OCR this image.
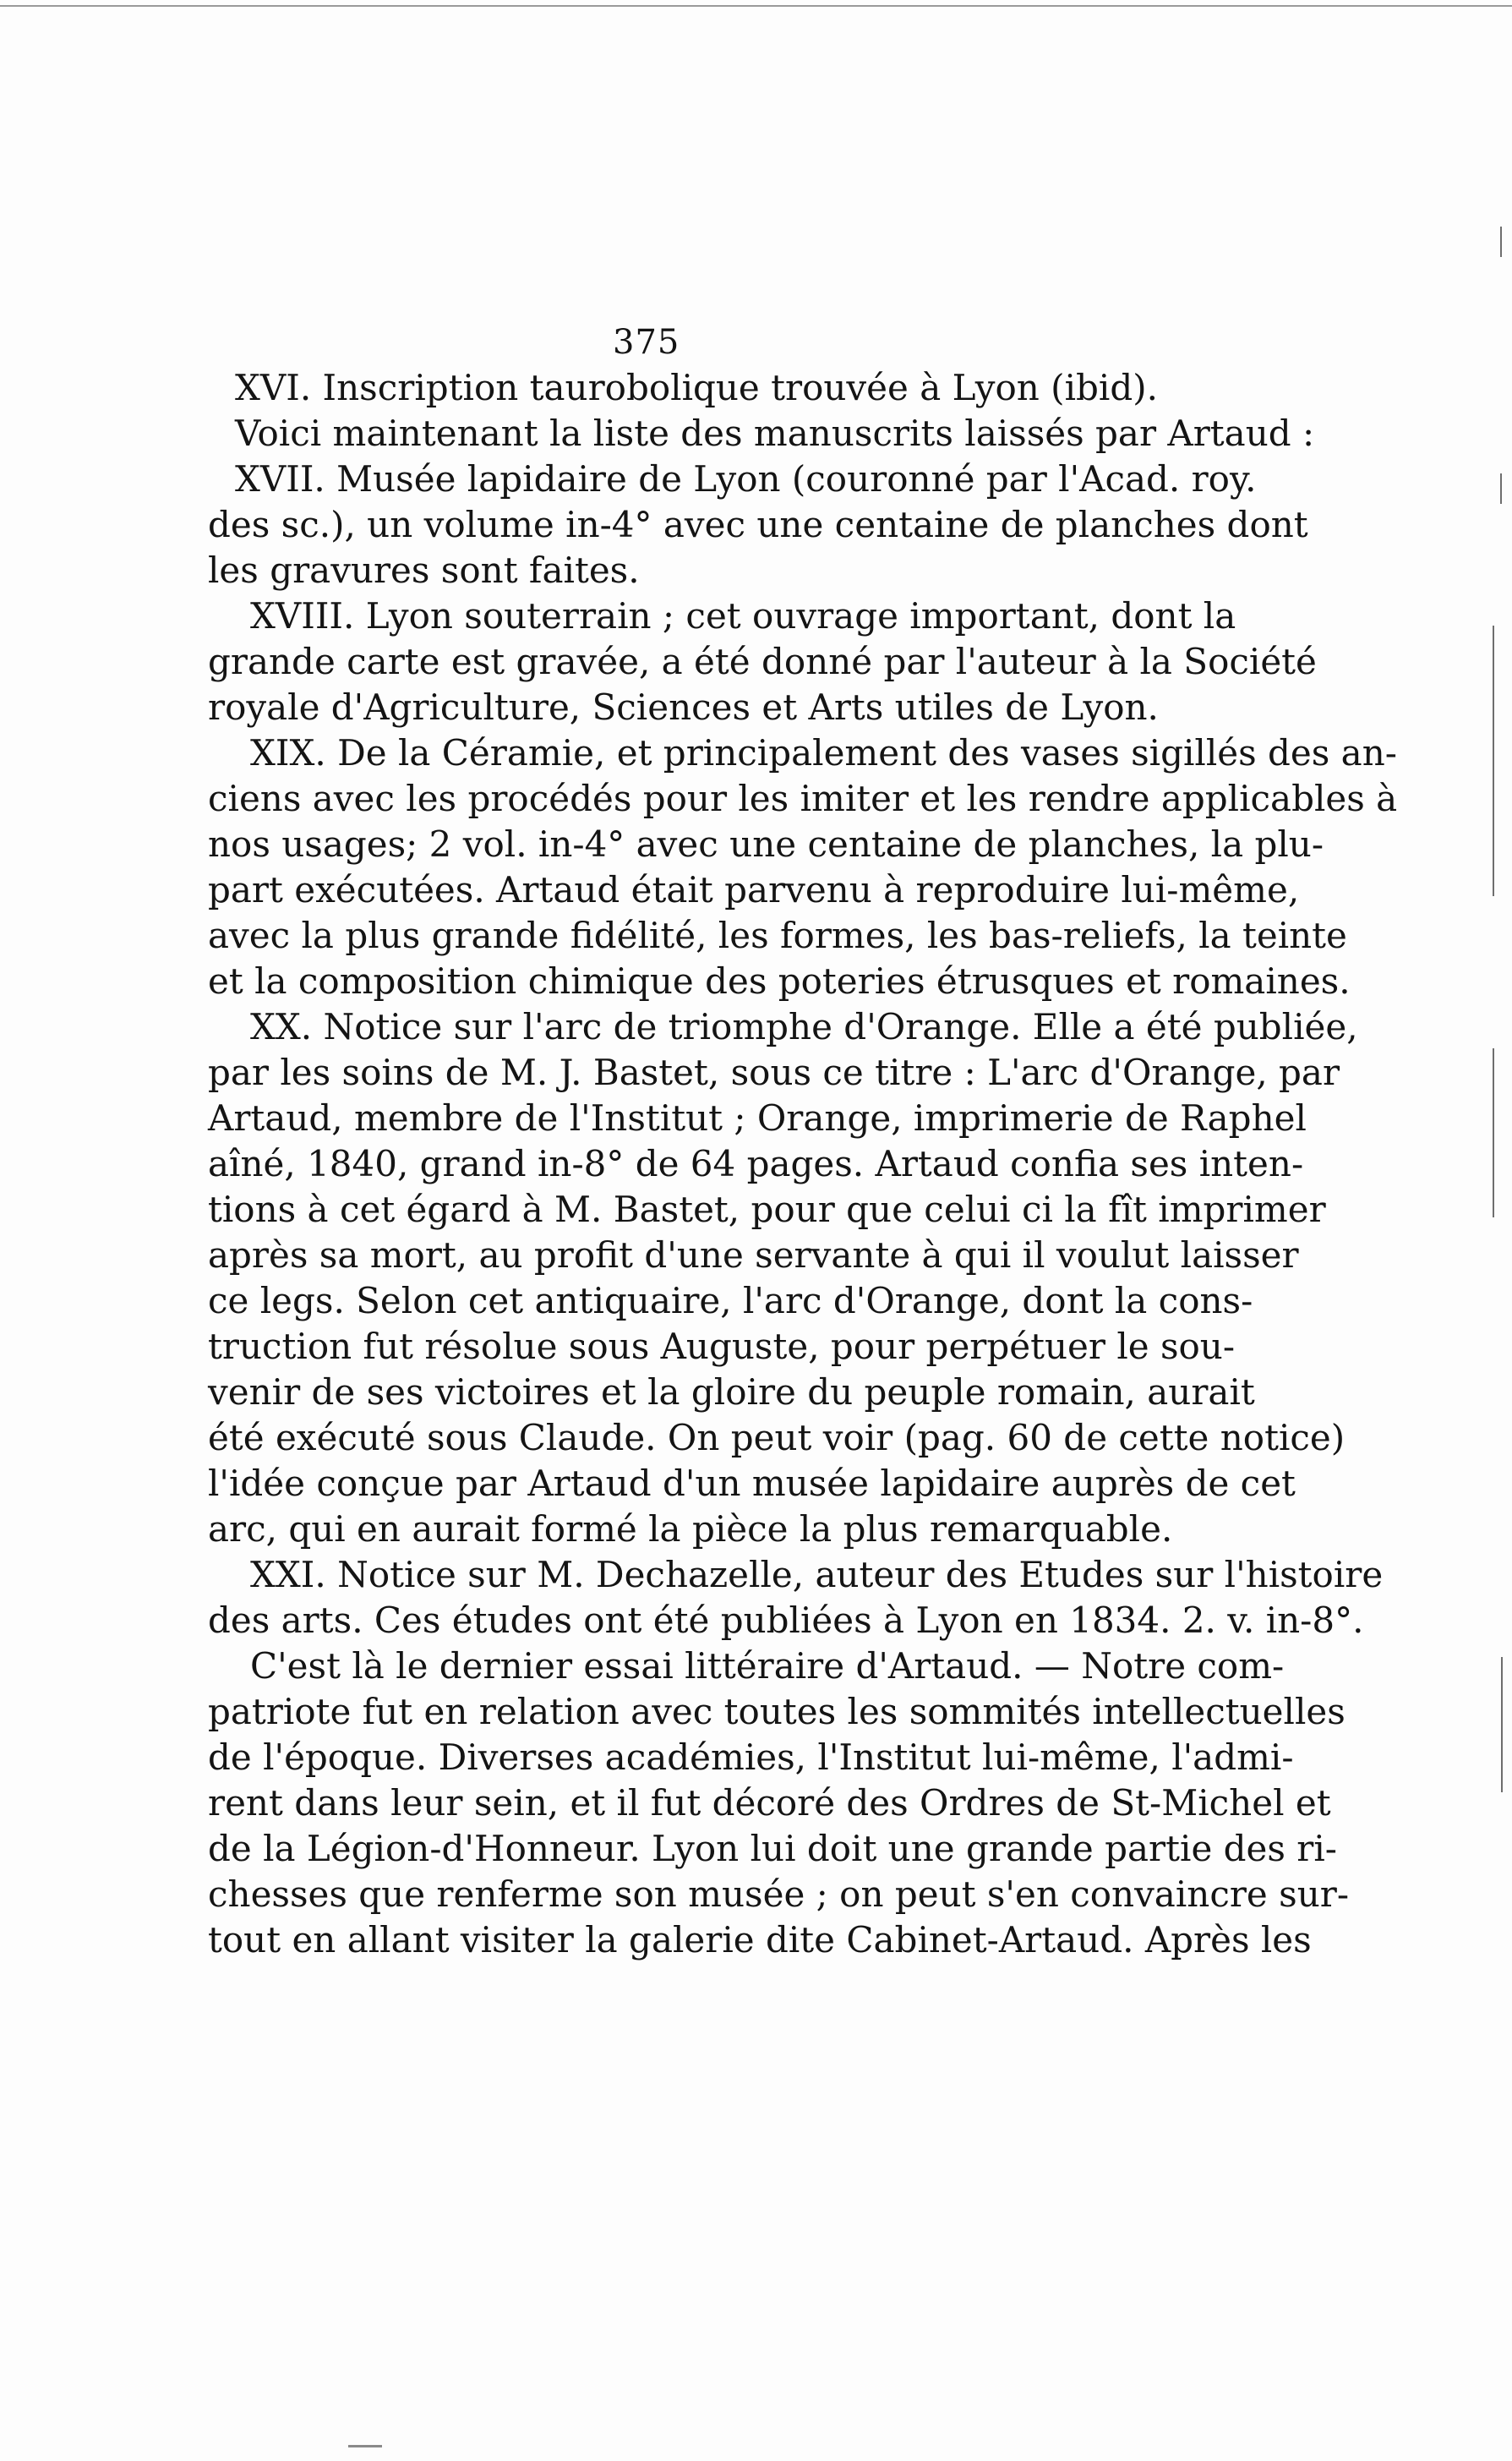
375
XVI. Inscription taurobolique trouvée à Lyon (ibid).
Voici maintenant la liste des manuscrits laissés par Artaud :
XVII. Musée lapidaire de Lyon (couronné par l'Acad. roy.
des sc.), un volume in-4° avec une centaine de planches dont
les gravures sont faites.
XVIII. Lyon souterrain ; cet ouvrage important, dont la
grande carte est gravée, a été donné par l'auteur à la Société
royale d'Agriculture, Sciences et Arts utiles de Lyon.
XIX. De la Céramie, et principalement des vases sigillés des an-
ciens avec les procédés pour les imiter et les rendre applicables à
nos usages; 2 vol. in-4° avec une centaine de planches, la plu-
part exécutées. Artaud était parvenu à reproduire lui-même,
avec la plus grande fidélité, les formes, les bas-reliefs, la teinte
et la composition chimique des poteries étrusques et romaines.
XX. Notice sur l'arc de triomphe d'Orange. Elle a été publiée,
par les soins de M. J. Bastet, sous ce titre : L'arc d'Orange, par
Artaud, membre de l'Institut ; Orange, imprimerie de Raphel
aîné, 1840, grand in-8° de 64 pages. Artaud confia ses inten-
tions à cet égard à M. Bastet, pour que celui ci la fît imprimer
après sa mort, au profit d'une servante à qui il voulut laisser
ce legs. Selon cet antiquaire, l'arc d'Orange, dont la cons-
truction fut résolue sous Auguste, pour perpétuer le sou-
venir de ses victoires et la gloire du peuple romain, aurait
été exécuté sous Claude. On peut voir (pag. 60 de cette notice)
l'idée conçue par Artaud d'un musée lapidaire auprès de cet
arc, qui en aurait formé la pièce la plus remarquable.
XXI. Notice sur M. Dechazelle, auteur des Etudes sur l'histoire
des arts. Ces études ont été publiées à Lyon en 1834. 2. v. in-8°.
C'est là le dernier essai littéraire d'Artaud. — Notre com-
patriote fut en relation avec toutes les sommités intellectuelles
de l'époque. Diverses académies, l'Institut lui-même, l'admi-
rent dans leur sein, et il fut décoré des Ordres de St-Michel et
de la Légion-d'Honneur. Lyon lui doit une grande partie des ri-
chesses que renferme son musée ; on peut s'en convaincre sur-
tout en allant visiter la galerie dite Cabinet-Artaud. Après les
